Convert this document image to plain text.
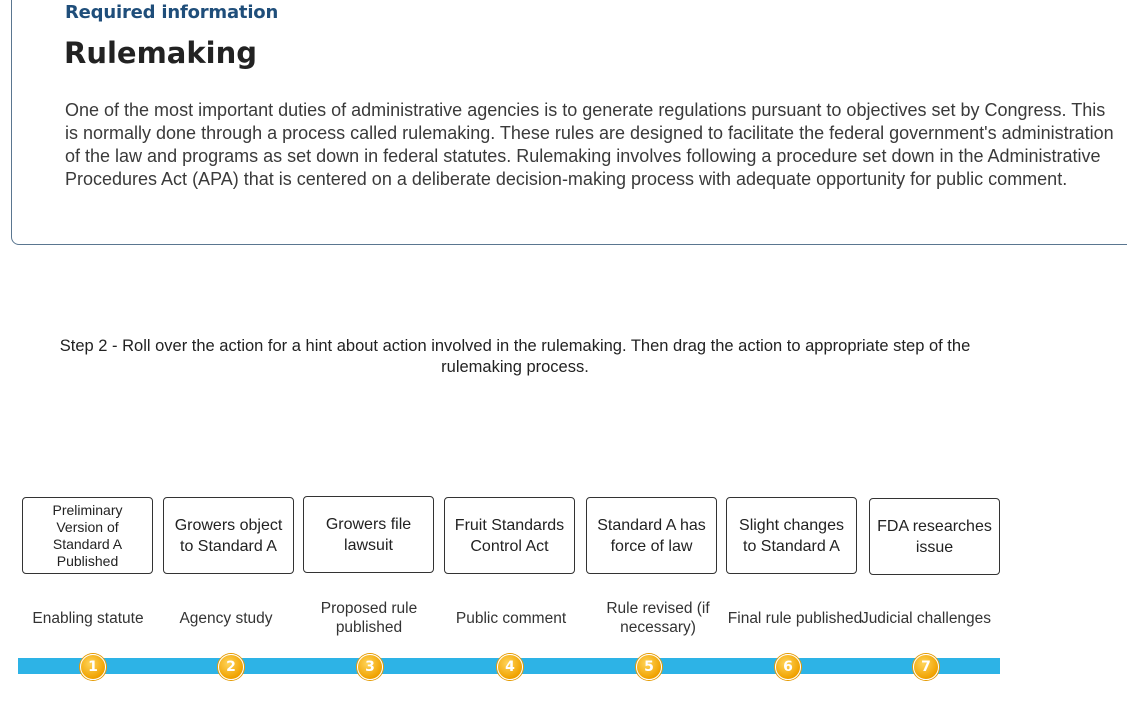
Required information
Rulemaking

One of the most important duties of administrative agencies is to generate regulations pursuant to objectives set by Congress. This is normally done through a process called rulemaking. These rules are designed to facilitate the federal government's administration of the law and programs as set down in federal statutes. Rulemaking involves following a procedure set down in the Administrative Procedures Act (APA) that is centered on a deliberate decision-making process with adequate opportunity for public comment.

Step 2 - Roll over the action for a hint about action involved in the rulemaking. Then drag the action to appropriate step of the rulemaking process.

Preliminary Version of Standard A Published
Growers object to Standard A
Growers file lawsuit
Fruit Standards Control Act
Standard A has force of law
Slight changes to Standard A
FDA researches issue
Enabling statute	Agency study
Proposed rule published
Public comment
Rule revised (if necessary)
Final rule published
Judicial challenges
1	2	3	4	5	6	7
